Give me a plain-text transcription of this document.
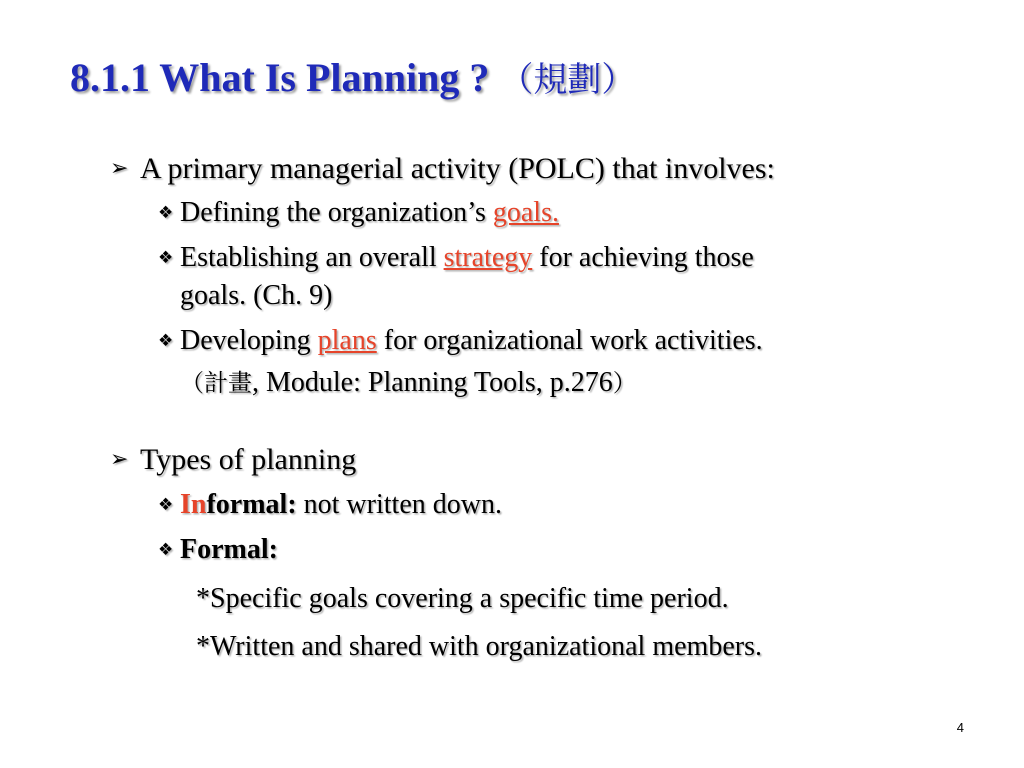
8.1.1 What Is Planning ? （規劃）
➢ A primary managerial activity (POLC) that involves:
❖ Defining the organization’s goals.
❖ Establishing an overall strategy for achieving those
goals. (Ch. 9)
❖ Developing plans for organizational work activities.
（計畫, Module: Planning Tools, p.276）
➢ Types of planning
❖ Informal: not written down.
❖ Formal:
*Specific goals covering a specific time period.
*Written and shared with organizational members.
4
